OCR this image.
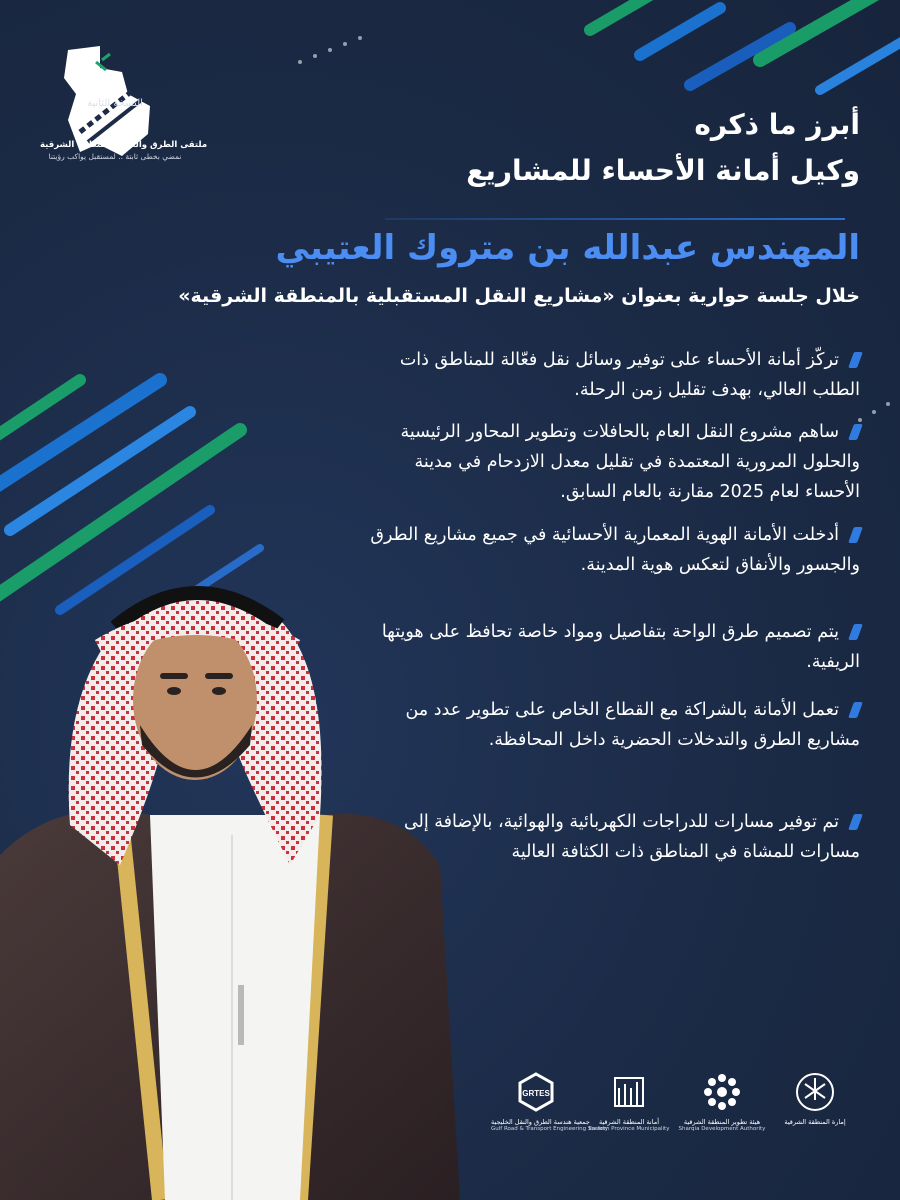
النسخة الثانية
ملتقى الطرق والنقل بالمنطقة الشرقية
نمضي بخطى ثابتة .. لمستقبل يواكب رؤيتنا

أبرز ما ذكره

وكيل أمانة الأحساء للمشاريع

المهندس عبدالله بن متروك العتيبي
خلال جلسة حوارية بعنوان «مشاريع النقل المستقبلية بالمنطقة الشرقية»
تركّز أمانة الأحساء على توفير وسائل نقل فعّالة للمناطق ذات الطلب العالي، بهدف تقليل زمن الرحلة.
ساهم مشروع النقل العام بالحافلات وتطوير المحاور الرئيسية والحلول المرورية المعتمدة في تقليل معدل الازدحام في مدينة الأحساء لعام 2025 مقارنة بالعام السابق.
أدخلت الأمانة الهوية المعمارية الأحسائية في جميع مشاريع الطرق والجسور والأنفاق لتعكس هوية المدينة.
يتم تصميم طرق الواحة بتفاصيل ومواد خاصة تحافظ على هويتها الريفية.
تعمل الأمانة بالشراكة مع القطاع الخاص على تطوير عدد من مشاريع الطرق والتدخلات الحضرية داخل المحافظة.
تم توفير مسارات للدراجات الكهربائية والهوائية، بالإضافة إلى مسارات للمشاة في المناطق ذات الكثافة العالية
إمارة المنطقة الشرقية
هيئة تطوير المنطقة الشرقية
Sharqia Development Authority
أمانة المنطقة الشرقية
Eastern Province Municipality
GRTES
جمعية هندسة الطرق والنقل الخليجية
Gulf Road & Transport Engineering Society
